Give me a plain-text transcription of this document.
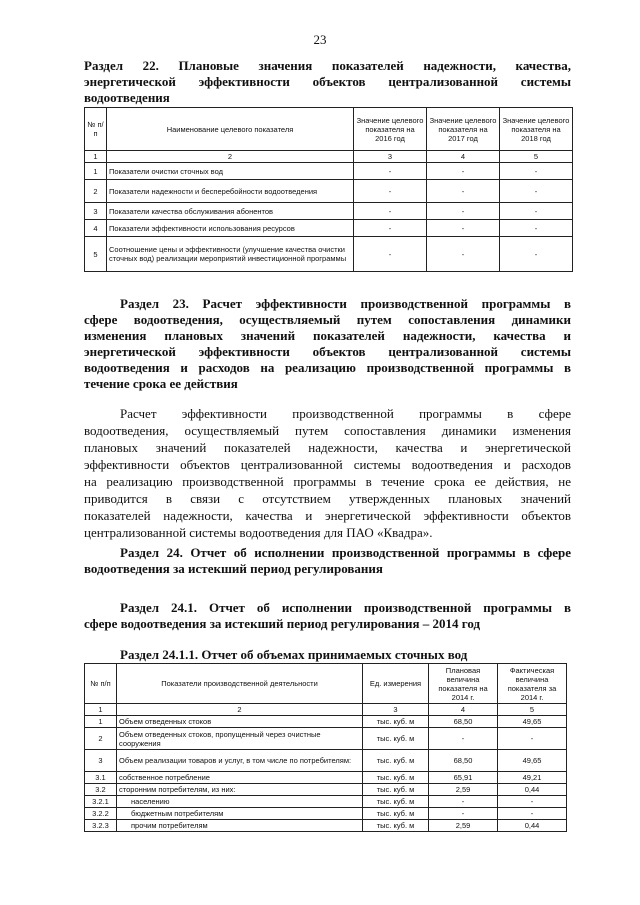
23
Раздел 22. Плановые значения показателей надежности, качества,
энергетической эффективности объектов централизованной системы
водоотведения
№ п/п	Наименование целевого показателя	Значение целевого показателя на 2016 год	Значение целевого показателя на 2017 год	Значение целевого показателя на 2018 год
1	2	3	4	5
1	Показатели очистки сточных вод	-	-	-
2	Показатели надежности и бесперебойности водоотведения	-	-	-
3	Показатели качества обслуживания абонентов	-	-	-
4	Показатели эффективности использования ресурсов	-	-	-
5	Соотношение цены и эффективности (улучшение качества очистки сточных вод) реализации мероприятий инвестиционной программы	-	-	-
Раздел 23. Расчет эффективности производственной программы в
сфере водоотведения, осуществляемый путем сопоставления динамики
изменения плановых значений показателей надежности, качества и
энергетической эффективности объектов централизованной системы
водоотведения и расходов на реализацию производственной программы в
течение срока ее действия
Расчет эффективности производственной программы в сфере
водоотведения, осуществляемый путем сопоставления динамики изменения
плановых значений показателей надежности, качества и энергетической
эффективности объектов централизованной системы водоотведения и расходов
на реализацию производственной программы в течение срока ее действия, не
приводится в связи с отсутствием утвержденных плановых значений
показателей надежности, качества и энергетической эффективности объектов
централизованной системы водоотведения для ПАО «Квадра».
Раздел 24. Отчет об исполнении производственной программы в сфере
водоотведения за истекший период регулирования
Раздел 24.1. Отчет об исполнении производственной программы в
сфере водоотведения за истекший период регулирования – 2014 год
Раздел 24.1.1. Отчет об объемах принимаемых сточных вод
№ п/п	Показатели производственной деятельности	Ед. измерения	Плановая величина показателя на 2014 г.	Фактическая величина показателя за 2014 г.
1	2	3	4	5
1	Объем отведенных стоков	тыс. куб. м	68,50	49,65
2	Объем отведенных стоков, пропущенный через очистные сооружения	тыс. куб. м	-	-
3	Объем реализации товаров и услуг, в том числе по потребителям:	тыс. куб. м	68,50	49,65
3.1	собственное потребление	тыс. куб. м	65,91	49,21
3.2	сторонним потребителям, из них:	тыс. куб. м	2,59	0,44
3.2.1	населению	тыс. куб. м	-	-
3.2.2	бюджетным потребителям	тыс. куб. м	-	-
3.2.3	прочим потребителям	тыс. куб. м	2,59	0,44
